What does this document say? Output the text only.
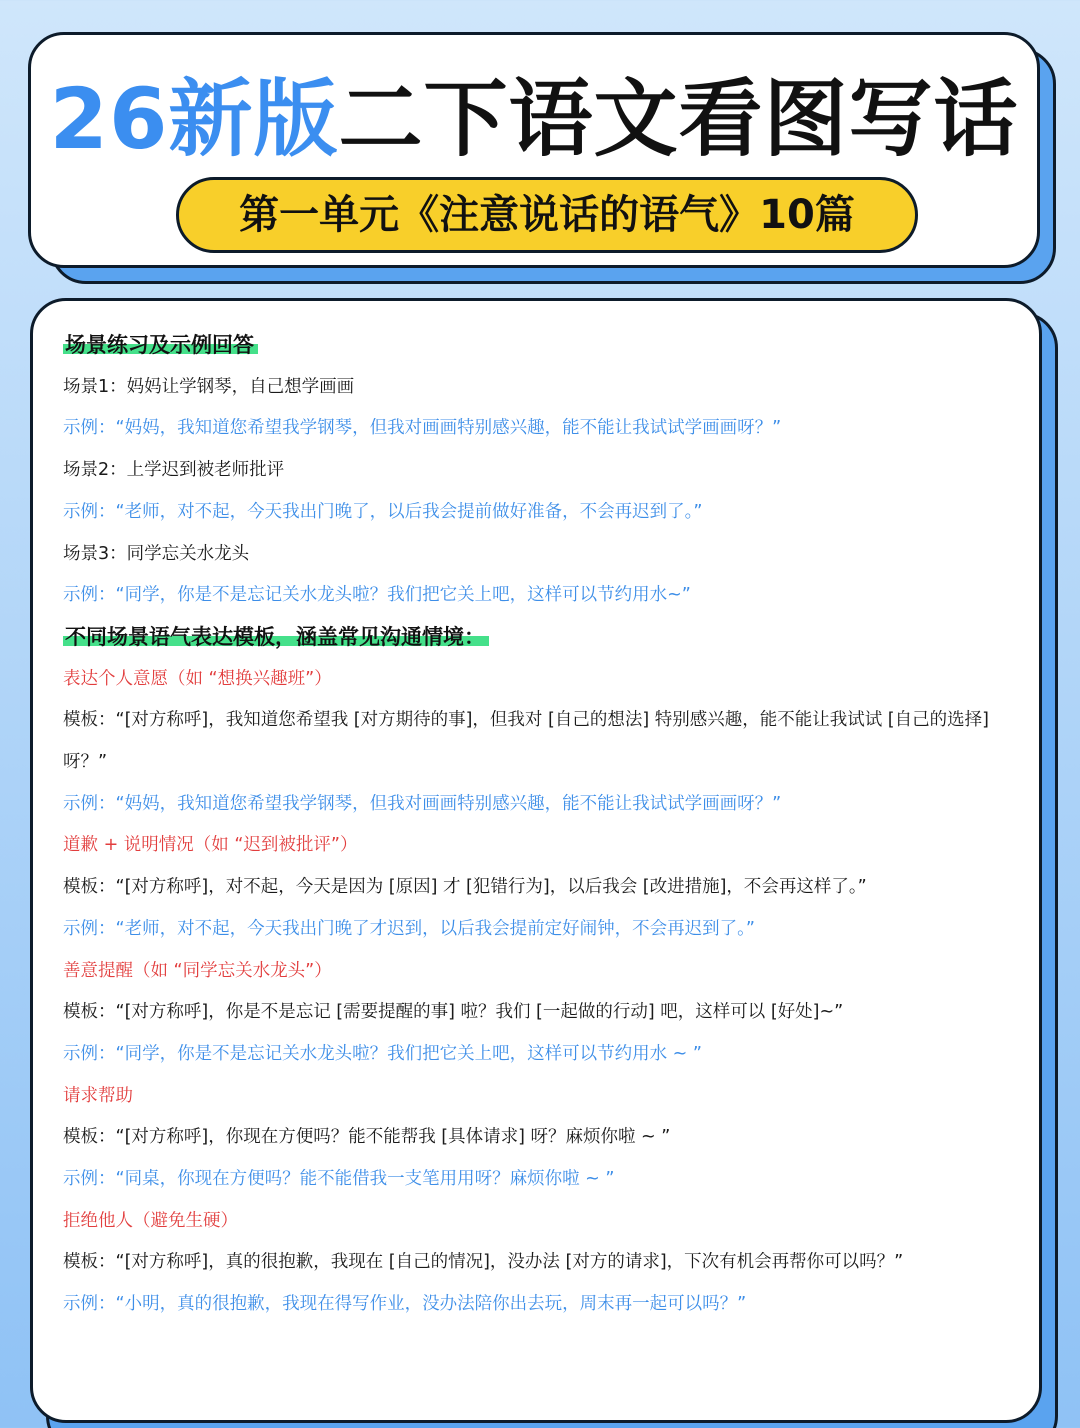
26新版二下语文看图写话
第一单元《注意说话的语气》10篇
场景练习及示例回答
场景1：妈妈让学钢琴，自己想学画画
示例：“妈妈，我知道您希望我学钢琴，但我对画画特别感兴趣，能不能让我试试学画画呀？”
场景2：上学迟到被老师批评
示例：“老师，对不起，今天我出门晚了，以后我会提前做好准备，不会再迟到了。”
场景3：同学忘关水龙头
示例：“同学，你是不是忘记关水龙头啦？我们把它关上吧，这样可以节约用水~”
不同场景语气表达模板，涵盖常见沟通情境：
表达个人意愿（如 “想换兴趣班”）
模板：“[对方称呼]，我知道您希望我 [对方期待的事]，但我对 [自己的想法] 特别感兴趣，能不能让我试试 [自己的选择] 呀？”
示例：“妈妈，我知道您希望我学钢琴，但我对画画特别感兴趣，能不能让我试试学画画呀？”
道歉 + 说明情况（如 “迟到被批评”）
模板：“[对方称呼]，对不起，今天是因为 [原因] 才 [犯错行为]，以后我会 [改进措施]，不会再这样了。”
示例：“老师，对不起，今天我出门晚了才迟到，以后我会提前定好闹钟，不会再迟到了。”
善意提醒（如 “同学忘关水龙头”）
模板：“[对方称呼]，你是不是忘记 [需要提醒的事] 啦？我们 [一起做的行动] 吧，这样可以 [好处]~”
示例：“同学，你是不是忘记关水龙头啦？我们把它关上吧，这样可以节约用水 ~ ”
请求帮助
模板：“[对方称呼]，你现在方便吗？能不能帮我 [具体请求] 呀？麻烦你啦 ~ ”
示例：“同桌，你现在方便吗？能不能借我一支笔用用呀？麻烦你啦 ~ ”
拒绝他人（避免生硬）
模板：“[对方称呼]，真的很抱歉，我现在 [自己的情况]，没办法 [对方的请求]，下次有机会再帮你可以吗？”
示例：“小明，真的很抱歉，我现在得写作业，没办法陪你出去玩，周末再一起可以吗？”
